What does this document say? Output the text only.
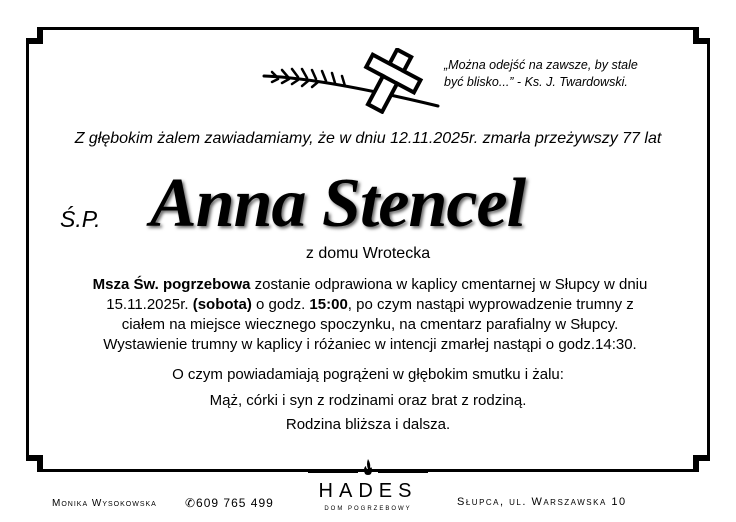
„Można odejść na zawsze, by stale
być blisko...” - Ks. J. Twardowski.
Z głębokim żalem zawiadamiamy, że w dniu 12.11.2025r. zmarła przeżywszy 77 lat
Ś.P. Anna Stencel
z domu Wrotecka
Msza Św. pogrzebowa zostanie odprawiona w kaplicy cmentarnej w Słupcy w dniu
15.11.2025r. (sobota) o godz. 15:00, po czym nastąpi wyprowadzenie trumny z
ciałem na miejsce wiecznego spoczynku, na cmentarz parafialny w Słupcy.
Wystawienie trumny w kaplicy i różaniec w intencji zmarłej nastąpi o godz.14:30.
O czym powiadamiają pogrążeni w głębokim smutku i żalu:
Mąż, córki i syn z rodzinami oraz brat z rodziną.
Rodzina bliższa i dalsza.
Monika Wysokowska ✆609 765 499
HADES
DOM POGRZEBOWY
Słupca, ul. Warszawska 10
